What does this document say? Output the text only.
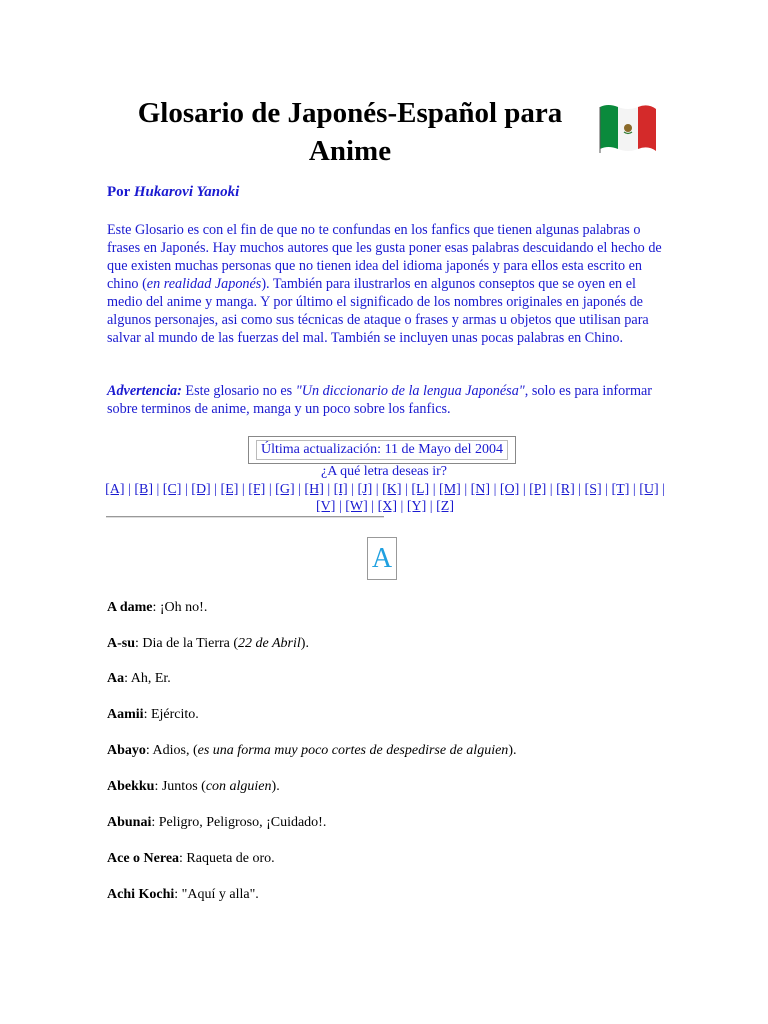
Glosario de Japonés-Español para Anime
Por Hukarovi Yanoki
Este Glosario es con el fin de que no te confundas en los fanfics que tienen algunas palabras o frases en Japonés. Hay muchos autores que les gusta poner esas palabras descuidando el hecho de que existen muchas personas que no tienen idea del idioma japonés y para ellos esta escrito en chino (en realidad Japonés). También para ilustrarlos en algunos conseptos que se oyen en el medio del anime y manga. Y por último el significado de los nombres originales en japonés de algunos personajes, asi como sus técnicas de ataque o frases y armas u objetos que utilisan para salvar al mundo de las fuerzas del mal. También se incluyen unas pocas palabras en Chino.
Advertencia: Este glosario no es "Un diccionario de la lengua Japonésa", solo es para informar sobre terminos de anime, manga y un poco sobre los fanfics.
Última actualización: 11 de Mayo del 2004
¿A qué letra deseas ir?
[A] | [B] | [C] | [D] | [E] | [F] | [G] | [H] | [I] | [J] | [K] | [L] | [M] | [N] | [O] | [P] | [R] | [S] | [T] | [U] | [V] | [W] | [X] | [Y] | [Z]
A
A dame: ¡Oh no!.
A-su: Dia de la Tierra (22 de Abril).
Aa: Ah, Er.
Aamii: Ejército.
Abayo: Adios, (es una forma muy poco cortes de despedirse de alguien).
Abekku: Juntos (con alguien).
Abunai: Peligro, Peligroso, ¡Cuidado!.
Ace o Nerea: Raqueta de oro.
Achi Kochi: "Aquí y alla".
